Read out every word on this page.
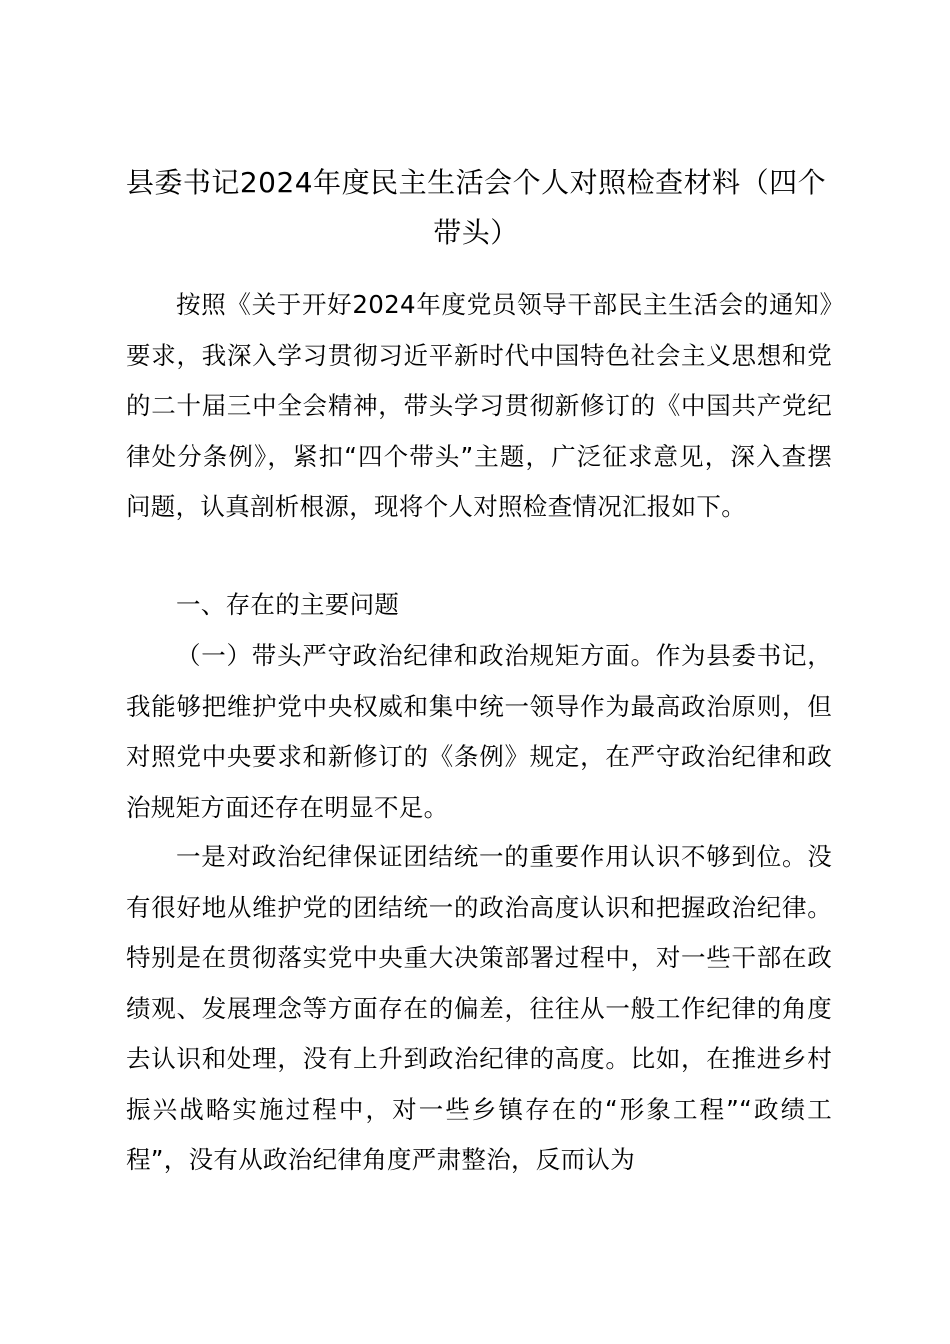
县委书记2024年度民主生活会个人对照检查材料（四个带头）
按照《关于开好2024年度党员领导干部民主生活会的通知》要求，我深入学习贯彻习近平新时代中国特色社会主义思想和党的二十届三中全会精神，带头学习贯彻新修订的《中国共产党纪律处分条例》，紧扣“四个带头”主题，广泛征求意见，深入查摆问题，认真剖析根源，现将个人对照检查情况汇报如下。
一、存在的主要问题
（一）带头严守政治纪律和政治规矩方面。作为县委书记，我能够把维护党中央权威和集中统一领导作为最高政治原则，但对照党中央要求和新修订的《条例》规定，在严守政治纪律和政治规矩方面还存在明显不足。
一是对政治纪律保证团结统一的重要作用认识不够到位。没有很好地从维护党的团结统一的政治高度认识和把握政治纪律。特别是在贯彻落实党中央重大决策部署过程中，对一些干部在政绩观、发展理念等方面存在的偏差，往往从一般工作纪律的角度去认识和处理，没有上升到政治纪律的高度。比如，在推进乡村振兴战略实施过程中，对一些乡镇存在的“形象工程”“政绩工程”，没有从政治纪律角度严肃整治，反而认为
